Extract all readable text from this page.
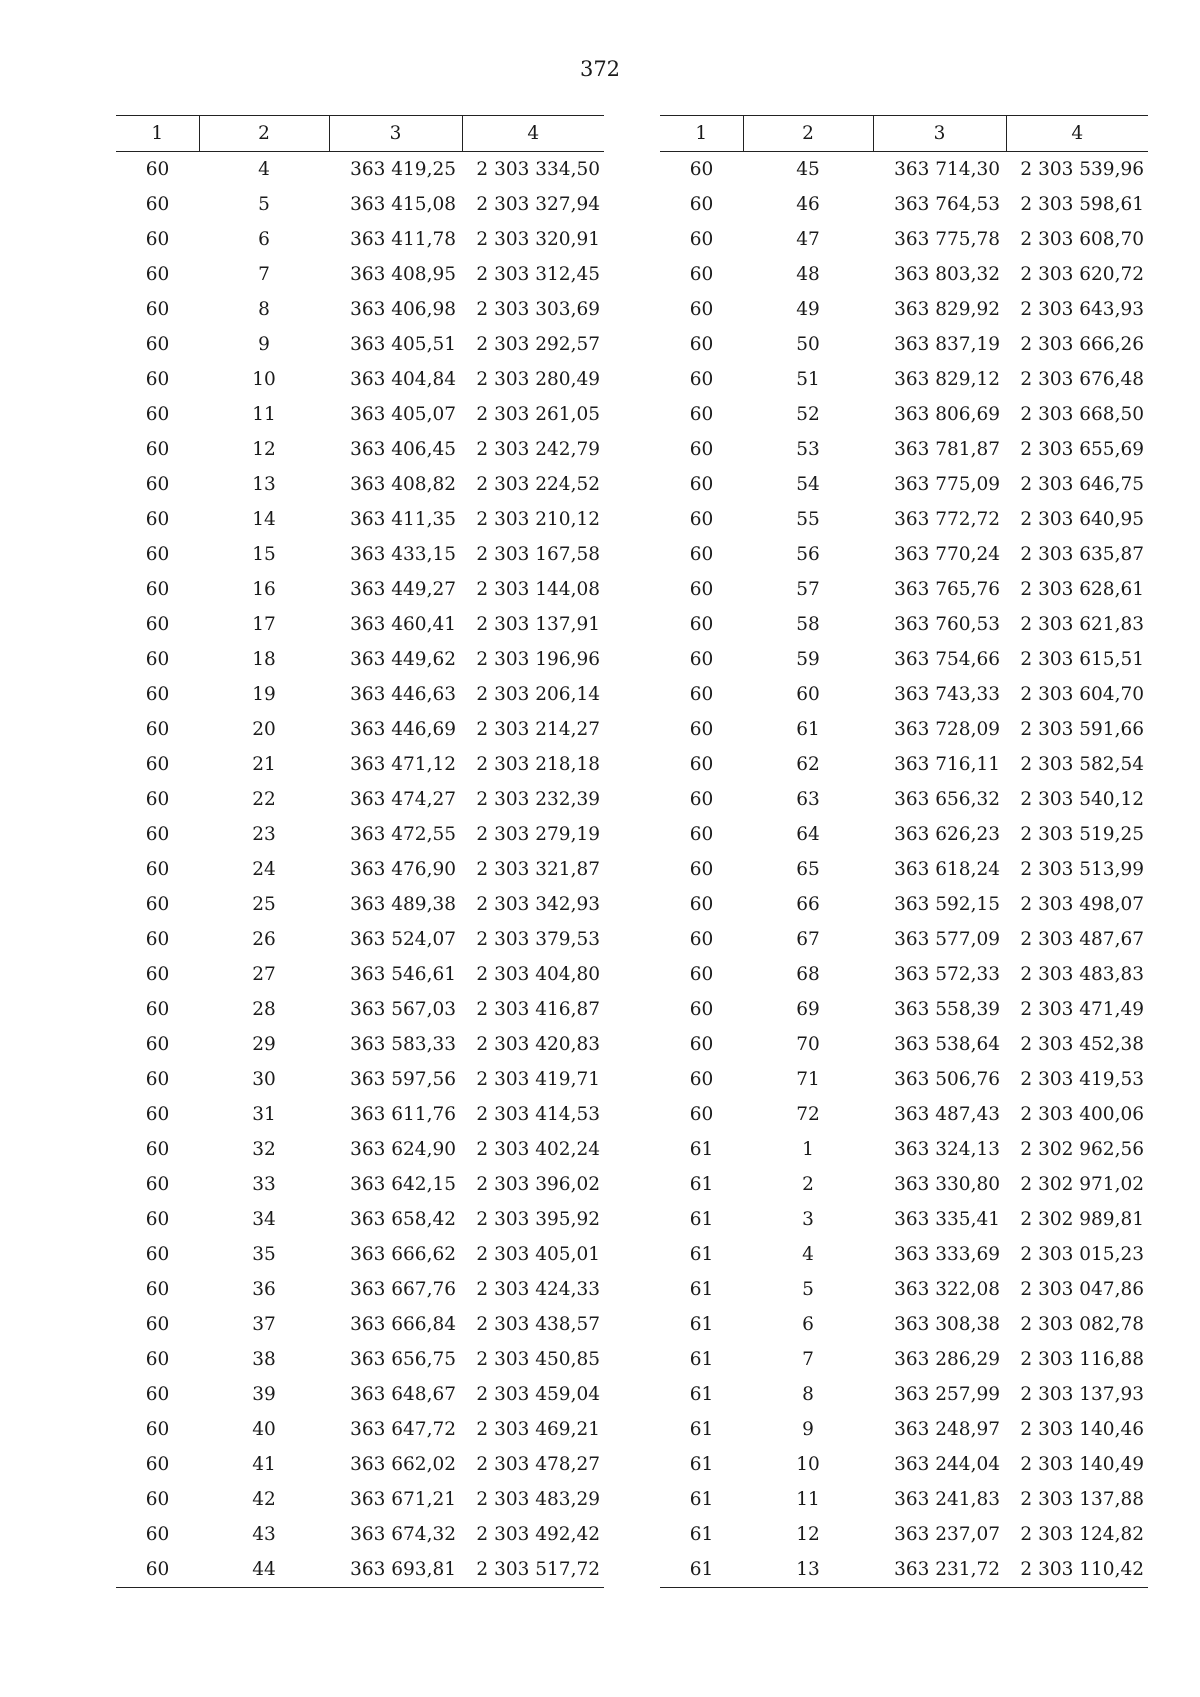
372
1	2	3	4
60	4	363 419,25	2 303 334,50
60	5	363 415,08	2 303 327,94
60	6	363 411,78	2 303 320,91
60	7	363 408,95	2 303 312,45
60	8	363 406,98	2 303 303,69
60	9	363 405,51	2 303 292,57
60	10	363 404,84	2 303 280,49
60	11	363 405,07	2 303 261,05
60	12	363 406,45	2 303 242,79
60	13	363 408,82	2 303 224,52
60	14	363 411,35	2 303 210,12
60	15	363 433,15	2 303 167,58
60	16	363 449,27	2 303 144,08
60	17	363 460,41	2 303 137,91
60	18	363 449,62	2 303 196,96
60	19	363 446,63	2 303 206,14
60	20	363 446,69	2 303 214,27
60	21	363 471,12	2 303 218,18
60	22	363 474,27	2 303 232,39
60	23	363 472,55	2 303 279,19
60	24	363 476,90	2 303 321,87
60	25	363 489,38	2 303 342,93
60	26	363 524,07	2 303 379,53
60	27	363 546,61	2 303 404,80
60	28	363 567,03	2 303 416,87
60	29	363 583,33	2 303 420,83
60	30	363 597,56	2 303 419,71
60	31	363 611,76	2 303 414,53
60	32	363 624,90	2 303 402,24
60	33	363 642,15	2 303 396,02
60	34	363 658,42	2 303 395,92
60	35	363 666,62	2 303 405,01
60	36	363 667,76	2 303 424,33
60	37	363 666,84	2 303 438,57
60	38	363 656,75	2 303 450,85
60	39	363 648,67	2 303 459,04
60	40	363 647,72	2 303 469,21
60	41	363 662,02	2 303 478,27
60	42	363 671,21	2 303 483,29
60	43	363 674,32	2 303 492,42
60	44	363 693,81	2 303 517,72
1	2	3	4
60	45	363 714,30	2 303 539,96
60	46	363 764,53	2 303 598,61
60	47	363 775,78	2 303 608,70
60	48	363 803,32	2 303 620,72
60	49	363 829,92	2 303 643,93
60	50	363 837,19	2 303 666,26
60	51	363 829,12	2 303 676,48
60	52	363 806,69	2 303 668,50
60	53	363 781,87	2 303 655,69
60	54	363 775,09	2 303 646,75
60	55	363 772,72	2 303 640,95
60	56	363 770,24	2 303 635,87
60	57	363 765,76	2 303 628,61
60	58	363 760,53	2 303 621,83
60	59	363 754,66	2 303 615,51
60	60	363 743,33	2 303 604,70
60	61	363 728,09	2 303 591,66
60	62	363 716,11	2 303 582,54
60	63	363 656,32	2 303 540,12
60	64	363 626,23	2 303 519,25
60	65	363 618,24	2 303 513,99
60	66	363 592,15	2 303 498,07
60	67	363 577,09	2 303 487,67
60	68	363 572,33	2 303 483,83
60	69	363 558,39	2 303 471,49
60	70	363 538,64	2 303 452,38
60	71	363 506,76	2 303 419,53
60	72	363 487,43	2 303 400,06
61	1	363 324,13	2 302 962,56
61	2	363 330,80	2 302 971,02
61	3	363 335,41	2 302 989,81
61	4	363 333,69	2 303 015,23
61	5	363 322,08	2 303 047,86
61	6	363 308,38	2 303 082,78
61	7	363 286,29	2 303 116,88
61	8	363 257,99	2 303 137,93
61	9	363 248,97	2 303 140,46
61	10	363 244,04	2 303 140,49
61	11	363 241,83	2 303 137,88
61	12	363 237,07	2 303 124,82
61	13	363 231,72	2 303 110,42
